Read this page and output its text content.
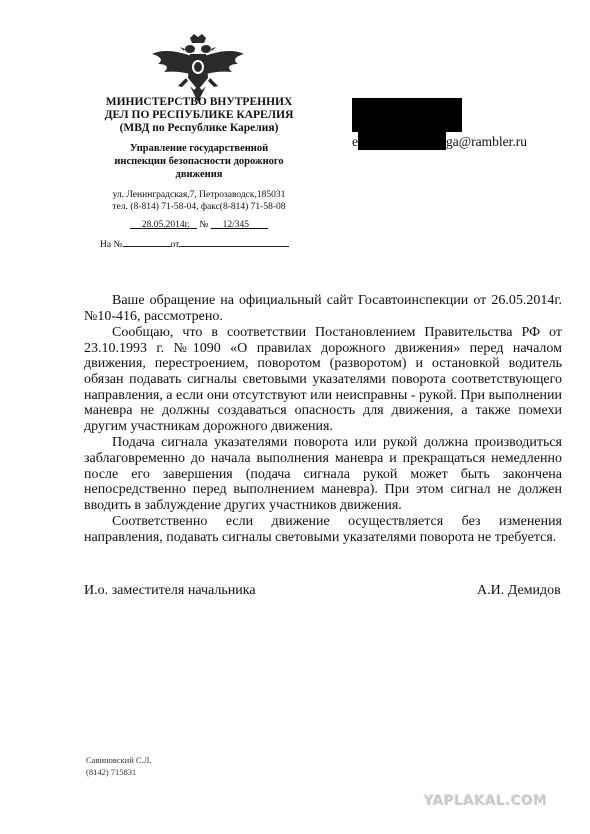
МИНИСТЕРСТВО ВНУТРЕННИХ
ДЕЛ ПО РЕСПУБЛИКЕ КАРЕЛИЯ
(МВД по Республике Карелия)
Управление государственной
инспекции безопасности дорожного
движения
ул. Ленинградская,7, Петрозаводск,185031
тел. (8-814) 71-58-04, факс(8-814) 71-58-08
28.05.2014г. № 12/345
На №	от
e	ga@rambler.ru

Ваше обращение на официальный сайт Госавтоинспекции от 26.05.2014г. №10-416, рассмотрено.

Сообщаю, что в соответствии Постановлением Правительства РФ от 23.10.1993 г. №1090 «О правилах дорожного движения» перед началом движения, перестроением, поворотом (разворотом) и остановкой водитель обязан подавать сигналы световыми указателями поворота соответствующего направления, а если они отсутствуют или неисправны - рукой. При выполнении маневра не должны создаваться опасность для движения, а также помехи другим участникам дорожного движения.

Подача сигнала указателями поворота или рукой должна производиться заблаговременно до начала выполнения маневра и прекращаться немедленно после его завершения (подача сигнала рукой может быть закончена непосредственно перед выполнением маневра). При этом сигнал не должен вводить в заблуждение других участников движения.

Соответственно если движение осуществляется без изменения направления, подавать сигналы световыми указателями поворота не требуется.

И.о. заместителя начальника	А.И. Демидов
Савиновский С.Л.
(8142) 715831
YAPLAKAL.COM
